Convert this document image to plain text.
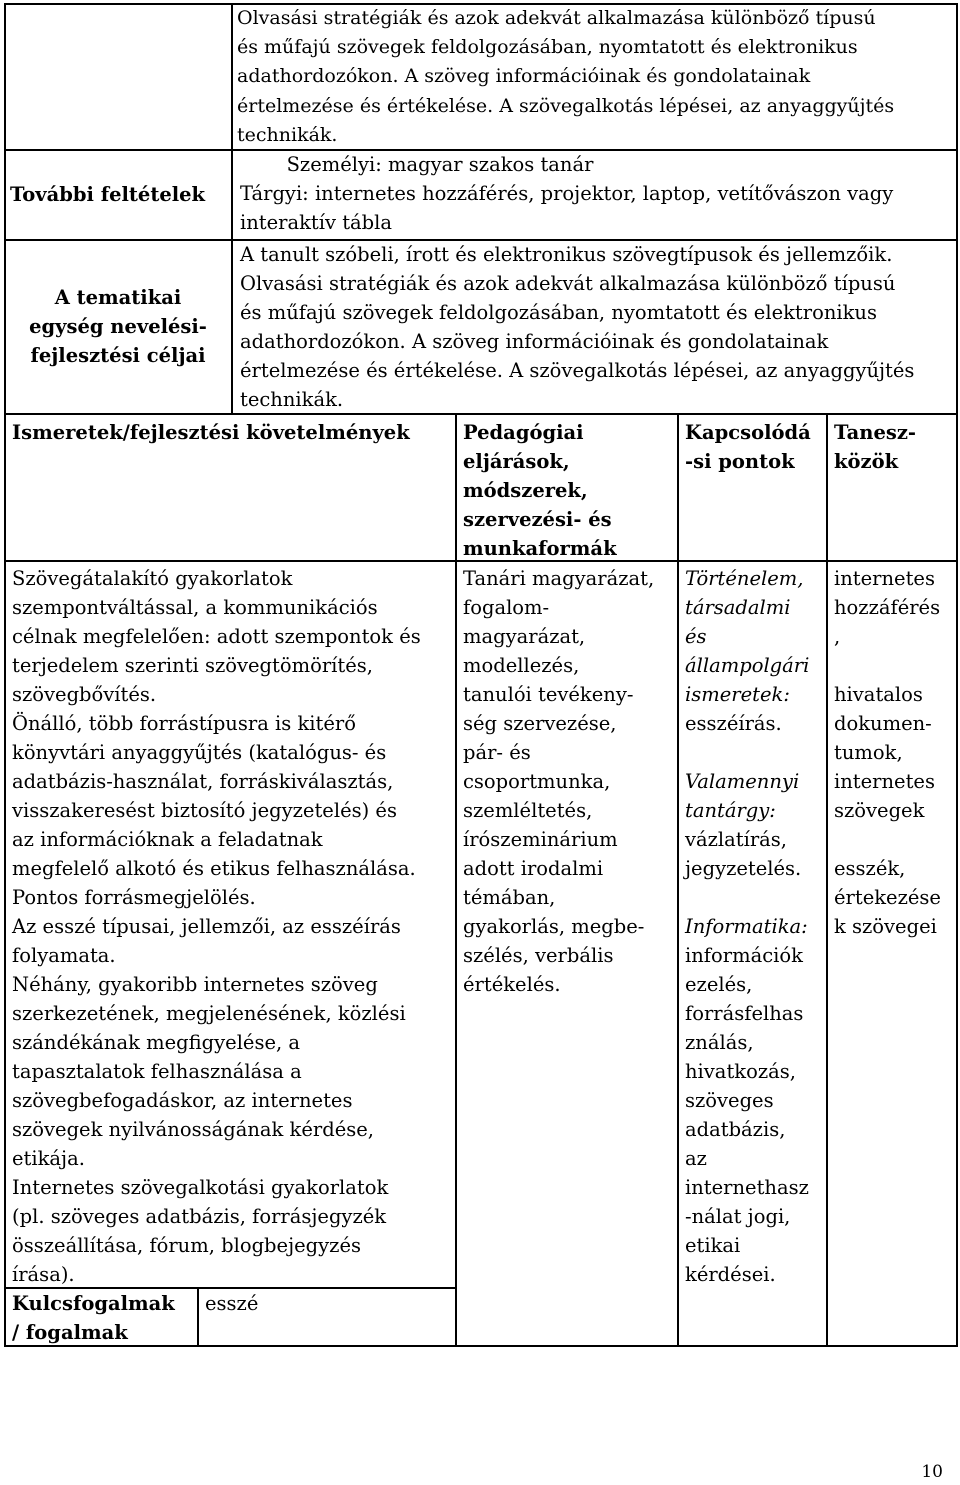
Olvasási stratégiák és azok adekvát alkalmazása különböző típusú
és műfajú szövegek feldolgozásában, nyomtatott és elektronikus
adathordozókon. A szöveg információinak és gondolatainak
értelmezése és értékelése. A szövegalkotás lépései, az anyaggyűjtés
technikák.
További feltételek
Személyi: magyar szakos tanár
Tárgyi: internetes hozzáférés, projektor, laptop, vetítővászon vagy
interaktív tábla
A tematikai
egység nevelési-
fejlesztési céljai
A tanult szóbeli, írott és elektronikus szövegtípusok és jellemzőik.
Olvasási stratégiák és azok adekvát alkalmazása különböző típusú
és műfajú szövegek feldolgozásában, nyomtatott és elektronikus
adathordozókon. A szöveg információinak és gondolatainak
értelmezése és értékelése. A szövegalkotás lépései, az anyaggyűjtés
technikák.
Ismeretek/fejlesztési követelmények	Pedagógiai
eljárások,
módszerek,
szervezési- és
munkaformák
Kapcsolódá
-si pontok
Tanesz-
közök
Szövegátalakító gyakorlatok
szempontváltással, a kommunikációs
célnak megfelelően: adott szempontok és
terjedelem szerinti szövegtömörítés,
szövegbővítés.
Önálló, több forrástípusra is kitérő
könyvtári anyaggyűjtés (katalógus- és
adatbázis-használat, forráskiválasztás,
visszakeresést biztosító jegyzetelés) és
az információknak a feladatnak
megfelelő alkotó és etikus felhasználása.
Pontos forrásmegjelölés.
Az esszé típusai, jellemzői, az esszéírás
folyamata.
Néhány, gyakoribb internetes szöveg
szerkezetének, megjelenésének, közlési
szándékának megfigyelése, a
tapasztalatok felhasználása a
szövegbefogadáskor, az internetes
szövegek nyilvánosságának kérdése,
etikája.
Internetes szövegalkotási gyakorlatok
(pl. szöveges adatbázis, forrásjegyzék
összeállítása, fórum, blogbejegyzés
írása).
Tanári magyarázat,
fogalom-
magyarázat,
modellezés,
tanulói tevékeny-
ség szervezése,
pár- és
csoportmunka,
szemléltetés,
írószeminárium
adott irodalmi
témában,
gyakorlás, megbe-
szélés, verbális
értékelés.
Történelem,
társadalmi
és
állampolgári
ismeretek:
esszéírás.

Valamennyi
tantárgy:
vázlatírás,
jegyzetelés.

Informatika:
információk
ezelés,
forrásfelhas
ználás,
hivatkozás,
szöveges
adatbázis,
az
internethasz
-nálat jogi,
etikai
kérdései.
internetes
hozzáférés
,

hivatalos
dokumen-
tumok,
internetes
szövegek

esszék,
értekezése
k szövegei
Kulcsfogalmak
/ fogalmak
esszé
10
